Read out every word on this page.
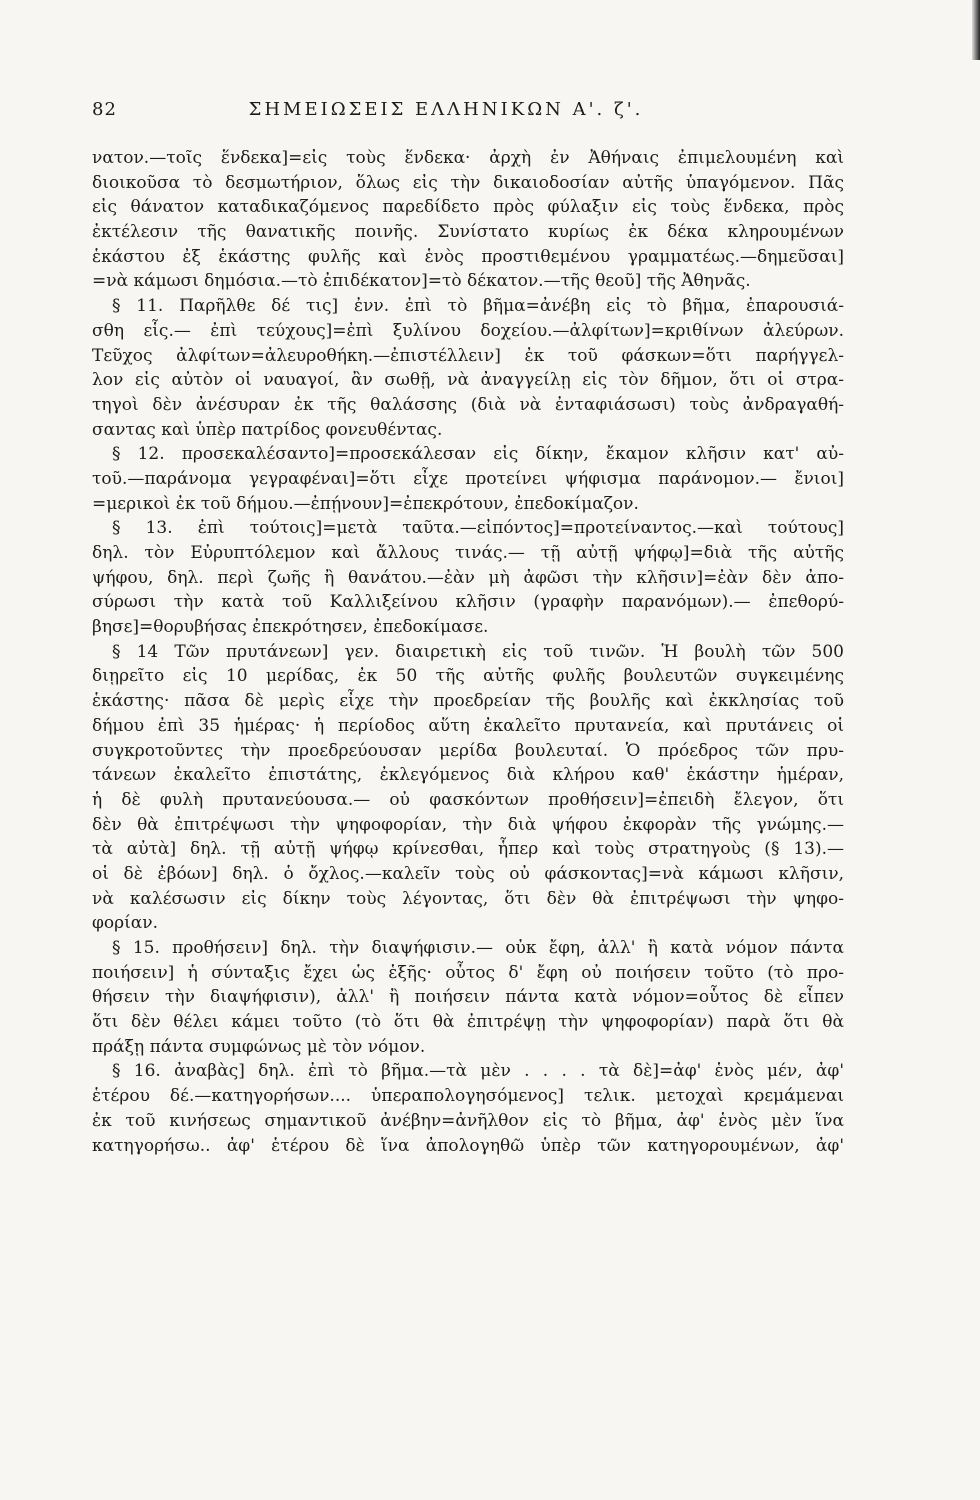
82	ΣΗΜΕΙΩΣΕΙΣ ΕΛΛΗΝΙΚΩΝ Α'. ζ'.
νατον.—τοῖς ἕνδεκα]=εἰς τοὺς ἕνδεκα· ἀρχὴ ἐν Ἀθήναις ἐπιμελουμένη καὶ
διοικοῦσα τὸ δεσμωτήριον, ὅλως εἰς τὴν δικαιοδοσίαν αὐτῆς ὑπαγόμενον. Πᾶς
εἰς θάνατον καταδικαζόμενος παρεδίδετο πρὸς φύλαξιν εἰς τοὺς ἕνδεκα, πρὸς
ἐκτέλεσιν τῆς θανατικῆς ποινῆς. Συνίστατο κυρίως ἐκ δέκα κληρουμένων
ἑκάστου ἐξ ἑκάστης φυλῆς καὶ ἑνὸς προστιθεμένου γραμματέως.—δημεῦσαι]
=νὰ κάμωσι δημόσια.—τὸ ἐπιδέκατον]=τὸ δέκατον.—τῆς θεοῦ] τῆς Ἀθηνᾶς.
§ 11. Παρῆλθε δέ τις] ἐνν. ἐπὶ τὸ βῆμα=ἀνέβη εἰς τὸ βῆμα, ἐπαρουσιά-
σθη εἷς.— ἐπὶ τεύχους]=ἐπὶ ξυλίνου δοχείου.—ἀλφίτων]=κριθίνων ἀλεύρων.
Τεῦχος ἀλφίτων=ἀλευροθήκη.—ἐπιστέλλειν] ἐκ τοῦ φάσκων=ὅτι παρήγγελ-
λον εἰς αὐτὸν οἱ ναυαγοί, ἂν σωθῇ, νὰ ἀναγγείλῃ εἰς τὸν δῆμον, ὅτι οἱ στρα-
τηγοὶ δὲν ἀνέσυραν ἐκ τῆς θαλάσσης (διὰ νὰ ἐνταφιάσωσι) τοὺς ἀνδραγαθή-
σαντας καὶ ὑπὲρ πατρίδος φονευθέντας.
§ 12. προσεκαλέσαντο]=προσεκάλεσαν εἰς δίκην, ἔκαμον κλῆσιν κατ' αὐ-
τοῦ.—παράνομα γεγραφέναι]=ὅτι εἶχε προτείνει ψήφισμα παράνομον.— ἔνιοι]
=μερικοὶ ἐκ τοῦ δήμου.—ἐπῄνουν]=ἐπεκρότουν, ἐπεδοκίμαζον.
§ 13. ἐπὶ τούτοις]=μετὰ ταῦτα.—εἰπόντος]=προτείναντος.—καὶ τούτους]
δηλ. τὸν Εὐρυπτόλεμον καὶ ἄλλους τινάς.— τῇ αὐτῇ ψήφῳ]=διὰ τῆς αὐτῆς
ψήφου, δηλ. περὶ ζωῆς ἢ θανάτου.—ἐὰν μὴ ἀφῶσι τὴν κλῆσιν]=ἐὰν δὲν ἀπο-
σύρωσι τὴν κατὰ τοῦ Καλλιξείνου κλῆσιν (γραφὴν παρανόμων).— ἐπεθορύ-
βησε]=θορυβήσας ἐπεκρότησεν, ἐπεδοκίμασε.
§ 14 Τῶν πρυτάνεων] γεν. διαιρετικὴ εἰς τοῦ τινῶν. Ἡ βουλὴ τῶν 500
διῃρεῖτο εἰς 10 μερίδας, ἐκ 50 τῆς αὐτῆς φυλῆς βουλευτῶν συγκειμένης
ἑκάστης· πᾶσα δὲ μερὶς εἶχε τὴν προεδρείαν τῆς βουλῆς καὶ ἐκκλησίας τοῦ
δήμου ἐπὶ 35 ἡμέρας· ἡ περίοδος αὕτη ἐκαλεῖτο πρυτανεία, καὶ πρυτάνεις οἱ
συγκροτοῦντες τὴν προεδρεύουσαν μερίδα βουλευταί. Ὁ πρόεδρος τῶν πρυ-
τάνεων ἐκαλεῖτο ἐπιστάτης, ἐκλεγόμενος διὰ κλήρου καθ' ἑκάστην ἡμέραν,
ἡ δὲ φυλὴ πρυτανεύουσα.— οὐ φασκόντων προθήσειν]=ἐπειδὴ ἔλεγον, ὅτι
δὲν θὰ ἐπιτρέψωσι τὴν ψηφοφορίαν, τὴν διὰ ψήφου ἐκφορὰν τῆς γνώμης.—
τὰ αὐτὰ] δηλ. τῇ αὐτῇ ψήφῳ κρίνεσθαι, ἧπερ καὶ τοὺς στρατηγοὺς (§ 13).—
οἱ δὲ ἐβόων] δηλ. ὁ ὄχλος.—καλεῖν τοὺς οὐ φάσκοντας]=νὰ κάμωσι κλῆσιν,
νὰ καλέσωσιν εἰς δίκην τοὺς λέγοντας, ὅτι δὲν θὰ ἐπιτρέψωσι τὴν ψηφο-
φορίαν.
§ 15. προθήσειν] δηλ. τὴν διαψήφισιν.— οὐκ ἔφη, ἀλλ' ἢ κατὰ νόμον πάντα
ποιήσειν] ἡ σύνταξις ἔχει ὡς ἑξῆς· οὗτος δ' ἔφη οὐ ποιήσειν τοῦτο (τὸ προ-
θήσειν τὴν διαψήφισιν), ἀλλ' ἢ ποιήσειν πάντα κατὰ νόμον=οὗτος δὲ εἶπεν
ὅτι δὲν θέλει κάμει τοῦτο (τὸ ὅτι θὰ ἐπιτρέψῃ τὴν ψηφοφορίαν) παρὰ ὅτι θὰ
πράξῃ πάντα συμφώνως μὲ τὸν νόμον.
§ 16. ἀναβὰς] δηλ. ἐπὶ τὸ βῆμα.—τὰ μὲν . . . . τὰ δὲ]=ἀφ' ἑνὸς μέν, ἀφ'
ἑτέρου δέ.—κατηγορήσων.... ὑπεραπολογησόμενος] τελικ. μετοχαὶ κρεμάμεναι
ἐκ τοῦ κινήσεως σημαντικοῦ ἀνέβην=ἀνῆλθον εἰς τὸ βῆμα, ἀφ' ἑνὸς μὲν ἵνα
κατηγορήσω.. ἀφ' ἑτέρου δὲ ἵνα ἀπολογηθῶ ὑπὲρ τῶν κατηγορουμένων, ἀφ'
